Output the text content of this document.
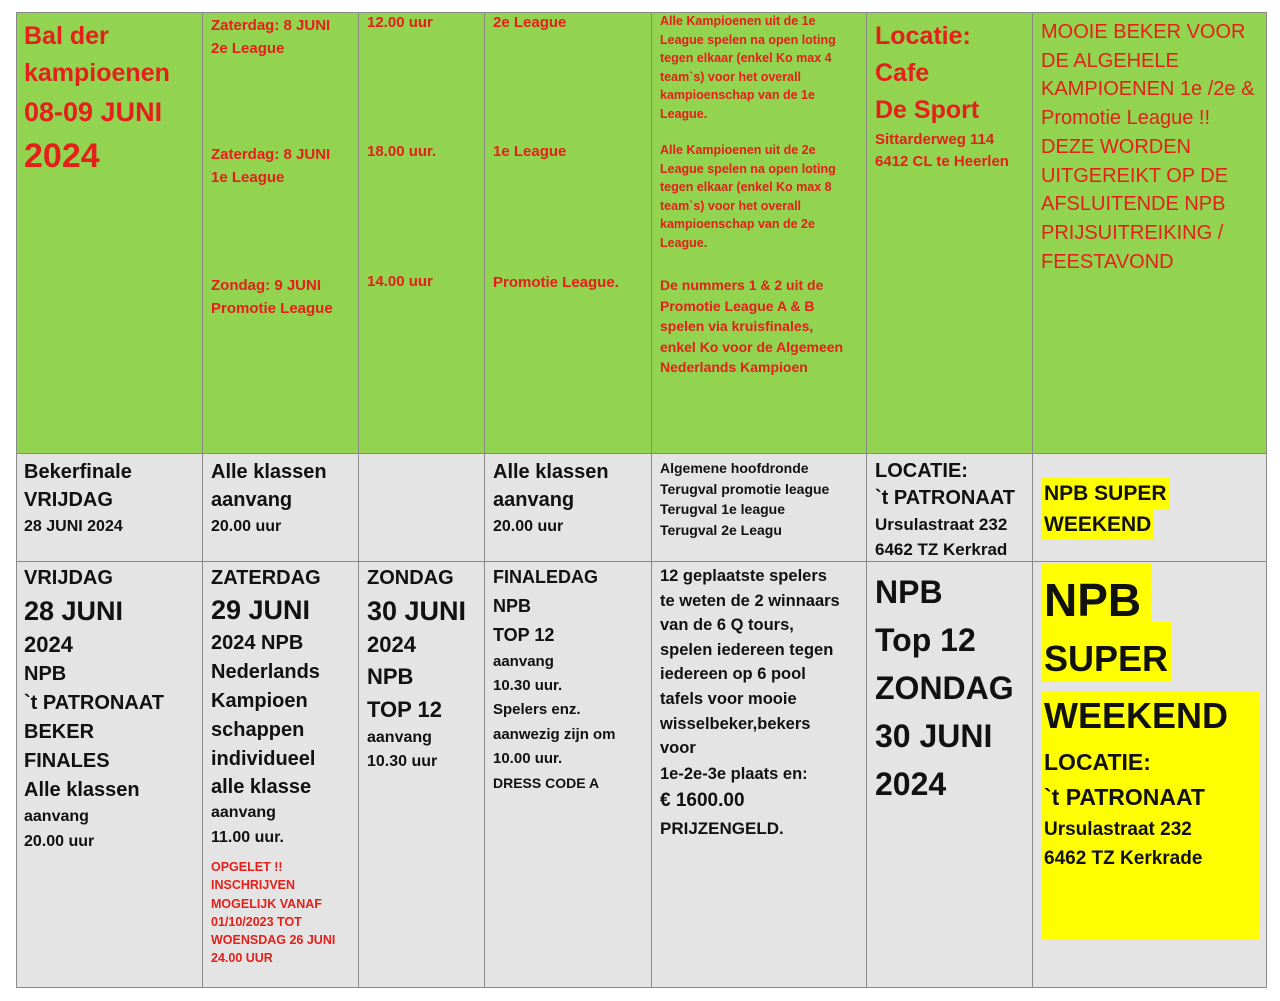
Bal der
kampioenen
08-09 JUNI
2024
Zaterdag: 8 JUNI
2e League
Zaterdag: 8 JUNI
1e League
Zondag: 9 JUNI
Promotie League
12.00 uur
18.00 uur.
14.00 uur
2e League
1e League
Promotie League.
Alle Kampioenen uit de 1e
League spelen na open loting
tegen elkaar (enkel Ko max 4
team`s) voor het overall
kampioenschap van de 1e
League.
Alle Kampioenen uit de 2e
League spelen na open loting
tegen elkaar (enkel Ko max 8
team`s) voor het overall
kampioenschap van de 2e
League.
De nummers 1 & 2 uit de
Promotie League A & B
spelen via kruisfinales,
enkel Ko voor de Algemeen
Nederlands Kampioen
Locatie:
Cafe
De Sport
Sittarderweg 114
6412 CL te Heerlen
MOOIE BEKER VOOR
DE ALGEHELE
KAMPIOENEN 1e /2e &
Promotie League !!
DEZE WORDEN
UITGEREIKT OP DE
AFSLUITENDE NPB
PRIJSUITREIKING /
FEESTAVOND
Bekerfinale
VRIJDAG
28 JUNI 2024
Alle klassen
aanvang
20.00 uur
Alle klassen
aanvang
20.00 uur
Algemene hoofdronde
Terugval promotie league
Terugval 1e league
Terugval 2e Leagu
LOCATIE:
`t PATRONAAT
Ursulastraat 232
6462 TZ Kerkrad
NPB SUPER
WEEKEND
VRIJDAG
28 JUNI
2024
NPB
`t PATRONAAT
BEKER
FINALES
Alle klassen
aanvang
20.00 uur
ZATERDAG
29 JUNI
2024 NPB
Nederlands
Kampioen
schappen
individueel
alle klasse
aanvang
11.00 uur.
OPGELET !!
INSCHRIJVEN
MOGELIJK VANAF
01/10/2023 TOT
WOENSDAG 26 JUNI
24.00 UUR
ZONDAG
30 JUNI
2024
NPB
TOP 12
aanvang
10.30 uur
FINALEDAG
NPB
TOP 12
aanvang
10.30 uur.
Spelers enz.
aanwezig zijn om
10.00 uur.
DRESS CODE A
12 geplaatste spelers
te weten de 2 winnaars
van de 6 Q tours,
spelen iedereen tegen
iedereen op 6 pool
tafels voor mooie
wisselbeker,bekers
voor
1e-2e-3e plaats en:
€ 1600.00
PRIJZENGELD.
NPB
Top 12
ZONDAG
30 JUNI
2024
NPB
SUPER
WEEKEND
LOCATIE:
`t PATRONAAT
Ursulastraat 232
6462 TZ Kerkrade
